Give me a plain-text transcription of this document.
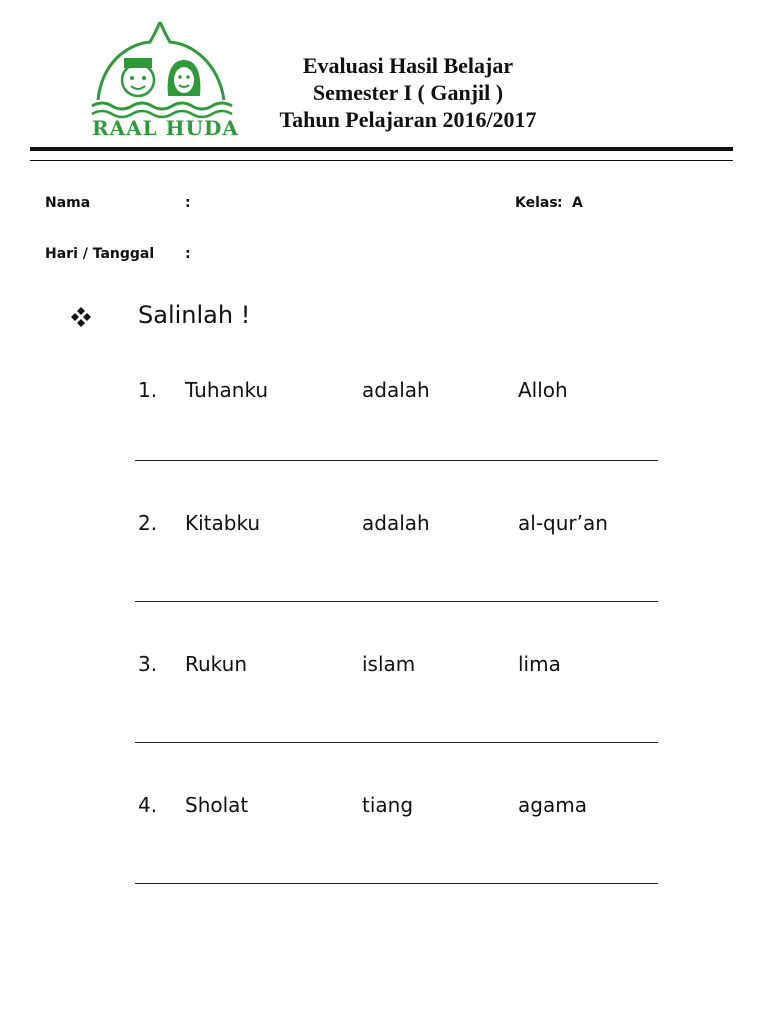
RAAL HUDA
Evaluasi Hasil Belajar
Semester I ( Ganjil )
Tahun Pelajaran 2016/2017
Nama	:	Kelas : A
Hari / Tanggal :
Salinlah !
1. Tuhanku	adalah	Alloh
2. Kitabku	adalah	al-qur’an
3. Rukun	islam	lima
4. Sholat	tiang	agama
